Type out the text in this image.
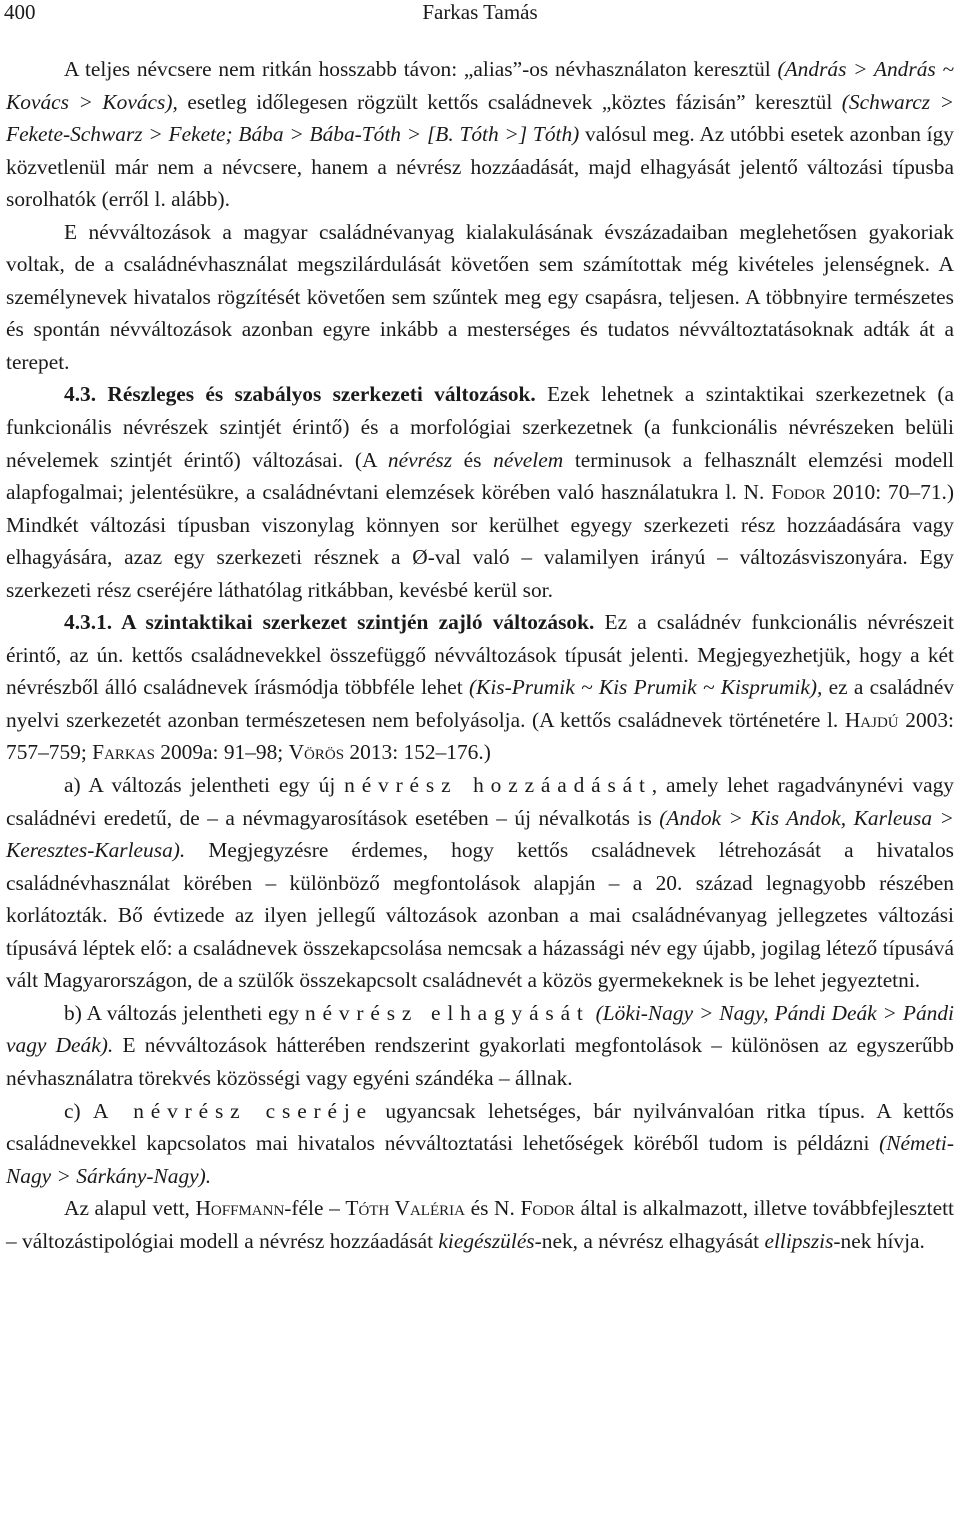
400	Farkas Tamás

A teljes névcsere nem ritkán hosszabb távon: „alias”-os névhasználaton keresztül (András > András ~ Kovács > Kovács), esetleg időlegesen rögzült kettős családnevek „köztes fázisán” keresztül (Schwarcz > Fekete-Schwarz > Fekete; Bába > Bába-Tóth > [B. Tóth >] Tóth) valósul meg. Az utóbbi esetek azonban így közvetlenül már nem a névcsere, hanem a névrész hozzáadását, majd elhagyását jelentő változási típusba sorolhatók (erről l. alább).

E névváltozások a magyar családnévanyag kialakulásának évszázadaiban meglehetősen gyakoriak voltak, de a családnévhasználat megszilárdulását követően sem számítottak még kivételes jelenségnek. A személynevek hivatalos rögzítését követően sem szűntek meg egy csapásra, teljesen. A többnyire természetes és spontán névváltozások azonban egyre inkább a mesterséges és tudatos névváltoztatásoknak adták át a terepet.

4.3. Részleges és szabályos szerkezeti változások. Ezek lehetnek a szintaktikai szerkezetnek (a funkcionális névrészek szintjét érintő) és a morfológiai szerkezetnek (a funkcionális névrészeken belüli névelemek szintjét érintő) változásai. (A névrész és névelem terminusok a felhasznált elemzési modell alapfogalmai; jelentésükre, a családnévtani elemzések körében való használatukra l. N. Fodor 2010: 70–71.) Mindkét változási típusban viszonylag könnyen sor kerülhet egyegy szerkezeti rész hozzáadására vagy elhagyására, azaz egy szerkezeti résznek a Ø-val való – valamilyen irányú – változásviszonyára. Egy szerkezeti rész cseréjére láthatólag ritkábban, kevésbé kerül sor.

4.3.1. A szintaktikai szerkezet szintjén zajló változások. Ez a családnév funkcionális névrészeit érintő, az ún. kettős családnevekkel összefüggő névváltozások típusát jelenti. Megjegyezhetjük, hogy a két névrészből álló családnevek írásmódja többféle lehet (Kis-Prumik ~ Kis Prumik ~ Kisprumik), ez a családnév nyelvi szerkezetét azonban természetesen nem befolyásolja. (A kettős családnevek történetére l. Hajdú 2003: 757–759; Farkas 2009a: 91–98; Vörös 2013: 152–176.)

a) A változás jelentheti egy új névrész hozzáadását, amely lehet ragadványnévi vagy családnévi eredetű, de – a névmagyarosítások esetében – új névalkotás is (Andok > Kis Andok, Karleusa > Keresztes-Karleusa). Megjegyzésre érdemes, hogy kettős családnevek létrehozását a hivatalos családnévhasználat körében – különböző megfontolások alapján – a 20. század legnagyobb részében korlátozták. Bő évtizede az ilyen jellegű változások azonban a mai családnévanyag jellegzetes változási típusává léptek elő: a családnevek összekapcsolása nemcsak a házassági név egy újabb, jogilag létező típusává vált Magyarországon, de a szülők összekapcsolt családnevét a közös gyermekeknek is be lehet jegyeztetni.

b) A változás jelentheti egy névrész elhagyását (Löki-Nagy > Nagy, Pándi Deák > Pándi vagy Deák). E névváltozások hátterében rendszerint gyakorlati megfontolások – különösen az egyszerűbb névhasználatra törekvés közösségi vagy egyéni szándéka – állnak.

c) A névrész cseréje ugyancsak lehetséges, bár nyilvánvalóan ritka típus. A kettős családnevekkel kapcsolatos mai hivatalos névváltoztatási lehetőségek köréből tudom is példázni (Németi-Nagy > Sárkány-Nagy).

Az alapul vett, Hoffmann-féle – Tóth Valéria és N. Fodor által is alkalmazott, illetve továbbfejlesztett – változástipológiai modell a névrész hozzáadását kiegészülés-nek, a névrész elhagyását ellipszis-nek hívja.
